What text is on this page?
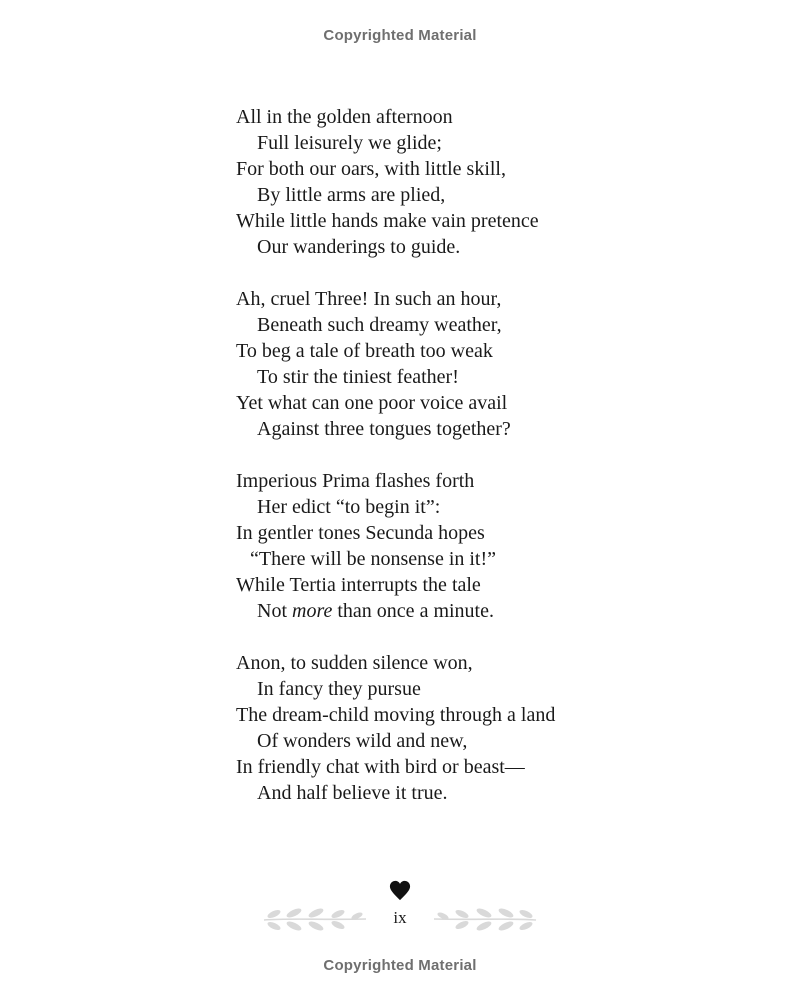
Copyrighted Material
All in the golden afternoon
Full leisurely we glide;
For both our oars, with little skill,
By little arms are plied,
While little hands make vain pretence
Our wanderings to guide.
Ah, cruel Three! In such an hour,
Beneath such dreamy weather,
To beg a tale of breath too weak
To stir the tiniest feather!
Yet what can one poor voice avail
Against three tongues together?
Imperious Prima flashes forth
Her edict “to begin it”:
In gentler tones Secunda hopes
“There will be nonsense in it!”
While Tertia interrupts the tale
Not more than once a minute.
Anon, to sudden silence won,
In fancy they pursue
The dream-child moving through a land
Of wonders wild and new,
In friendly chat with bird or beast—
And half believe it true.
ix
Copyrighted Material
